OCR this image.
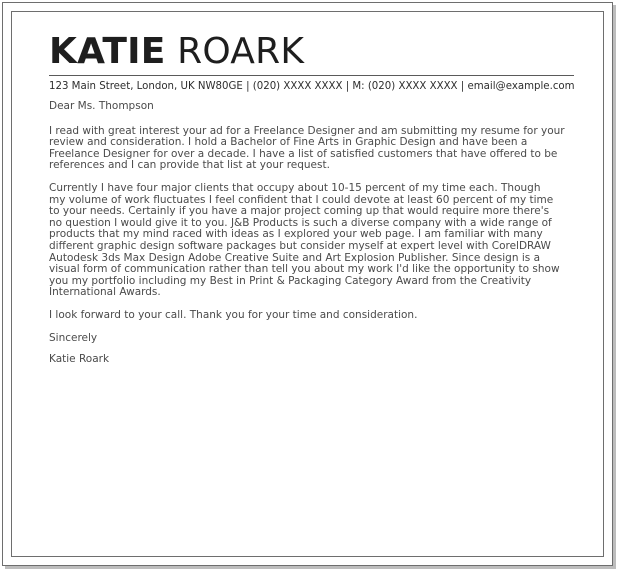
KATIE ROARK
123 Main Street, London, UK NW80GE | (020) XXXX XXXX | M: (020) XXXX XXXX | email@example.com
Dear Ms. Thompson
I read with great interest your ad for a Freelance Designer and am submitting my resume for your
review and consideration. I hold a Bachelor of Fine Arts in Graphic Design and have been a
Freelance Designer for over a decade. I have a list of satisfied customers that have offered to be
references and I can provide that list at your request.
Currently I have four major clients that occupy about 10-15 percent of my time each. Though
my volume of work fluctuates I feel confident that I could devote at least 60 percent of my time
to your needs. Certainly if you have a major project coming up that would require more there's
no question I would give it to you. J&B Products is such a diverse company with a wide range of
products that my mind raced with ideas as I explored your web page. I am familiar with many
different graphic design software packages but consider myself at expert level with CorelDRAW
Autodesk 3ds Max Design Adobe Creative Suite and Art Explosion Publisher. Since design is a
visual form of communication rather than tell you about my work I'd like the opportunity to show
you my portfolio including my Best in Print & Packaging Category Award from the Creativity
International Awards.
I look forward to your call. Thank you for your time and consideration.
Sincerely
Katie Roark
